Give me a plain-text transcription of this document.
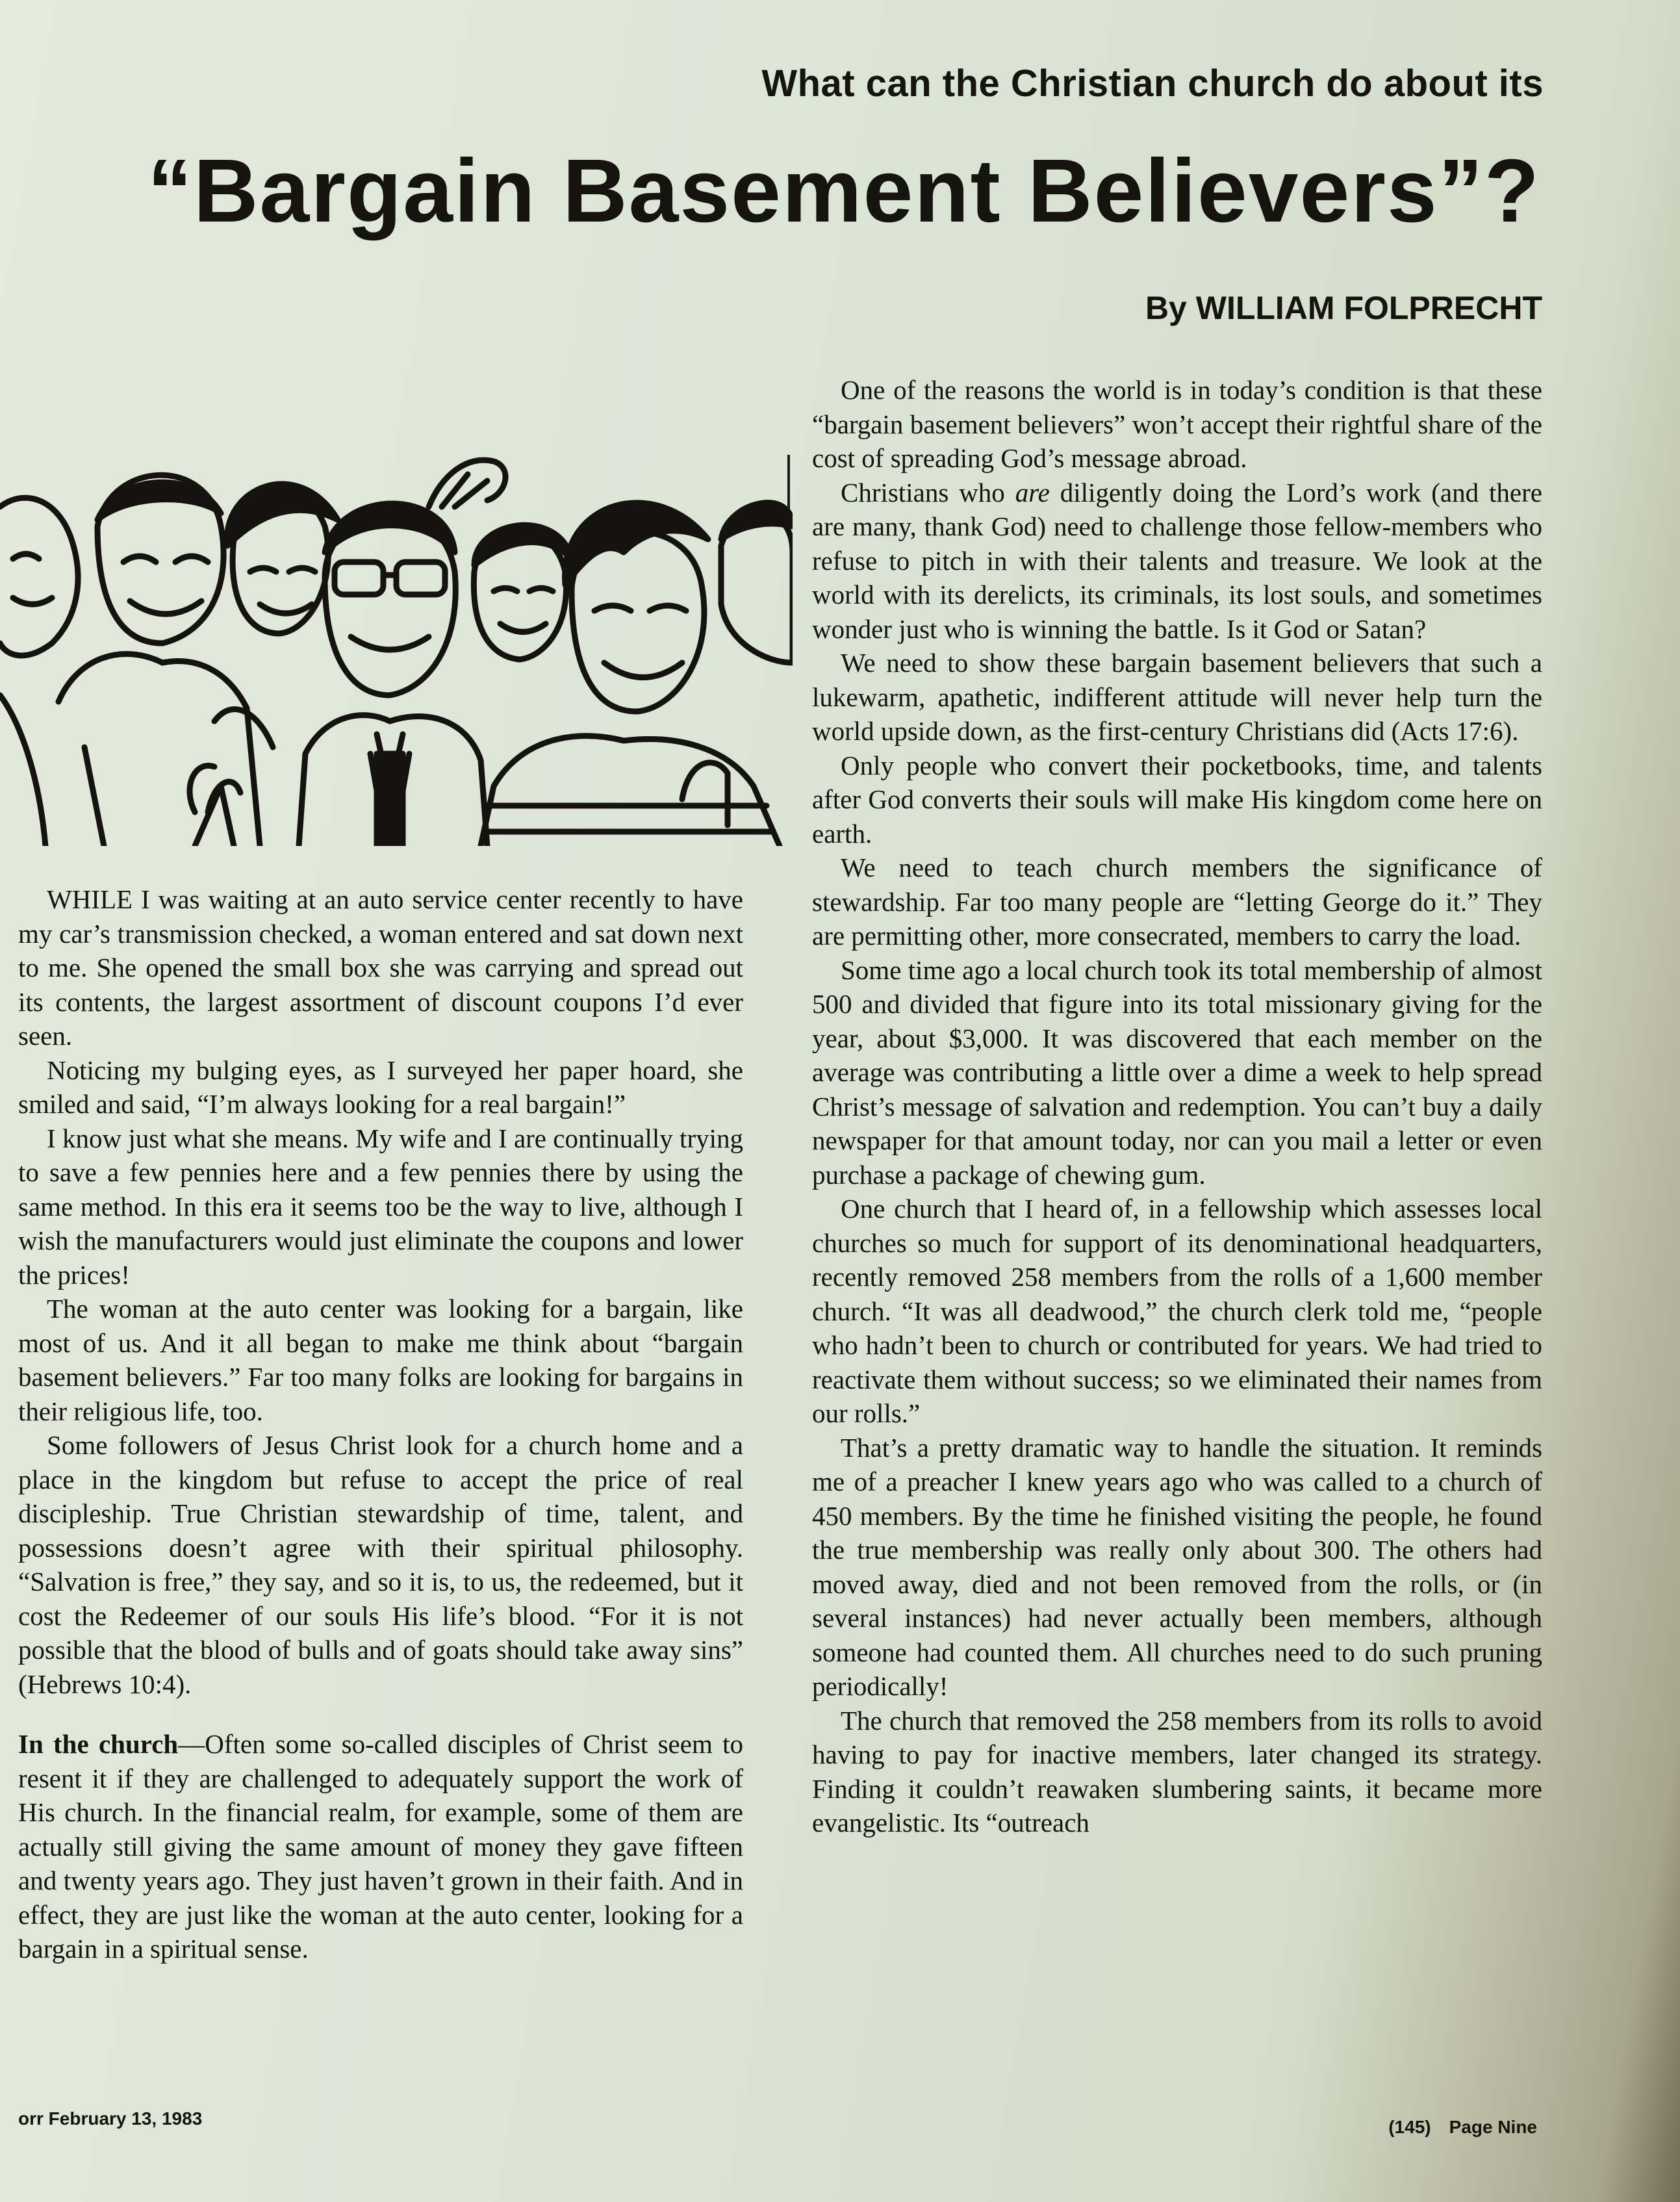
What can the Christian church do about its
“Bargain Basement Believers”?
By WILLIAM FOLPRECHT

WHILE I was waiting at an auto service center recently to have my car’s transmission checked, a woman entered and sat down next to me. She opened the small box she was carrying and spread out its contents, the largest assortment of discount coupons I’d ever seen.

Noticing my bulging eyes, as I surveyed her paper hoard, she smiled and said, “I’m always looking for a real bargain!”

I know just what she means. My wife and I are continually trying to save a few pennies here and a few pennies there by using the same method. In this era it seems too be the way to live, although I wish the manufacturers would just eliminate the coupons and lower the prices!

The woman at the auto center was looking for a bargain, like most of us. And it all began to make me think about “bargain basement believers.” Far too many folks are looking for bargains in their religious life, too.

Some followers of Jesus Christ look for a church home and a place in the kingdom but refuse to accept the price of real discipleship. True Christian stewardship of time, talent, and possessions doesn’t agree with their spiritual philosophy. “Salvation is free,” they say, and so it is, to us, the redeemed, but it cost the Redeemer of our souls His life’s blood. “For it is not possible that the blood of bulls and of goats should take away sins” (Hebrews 10:4).

In the church—Often some so-called disciples of Christ seem to resent it if they are challenged to adequately support the work of His church. In the financial realm, for example, some of them are actually still giving the same amount of money they gave fifteen and twenty years ago. They just haven’t grown in their faith. And in effect, they are just like the woman at the auto center, looking for a bargain in a spiritual sense.

One of the reasons the world is in today’s condition is that these “bargain basement believers” won’t accept their rightful share of the cost of spreading God’s message abroad.

Christians who are diligently doing the Lord’s work (and there are many, thank God) need to challenge those fellow-members who refuse to pitch in with their talents and treasure. We look at the world with its derelicts, its criminals, its lost souls, and sometimes wonder just who is winning the battle. Is it God or Satan?

We need to show these bargain basement believers that such a lukewarm, apathetic, indifferent attitude will never help turn the world upside down, as the first-century Christians did (Acts 17:6).

Only people who convert their pocketbooks, time, and talents after God converts their souls will make His kingdom come here on earth.

We need to teach church members the significance of stewardship. Far too many people are “letting George do it.” They are permitting other, more consecrated, members to carry the load.

Some time ago a local church took its total membership of almost 500 and divided that figure into its total missionary giving for the year, about $3,000. It was discovered that each member on the average was contributing a little over a dime a week to help spread Christ’s message of salvation and redemption. You can’t buy a daily newspaper for that amount today, nor can you mail a letter or even purchase a package of chewing gum.

One church that I heard of, in a fellowship which assesses local churches so much for support of its denominational headquarters, recently removed 258 members from the rolls of a 1,600 member church. “It was all deadwood,” the church clerk told me, “people who hadn’t been to church or contributed for years. We had tried to reactivate them without success; so we eliminated their names from our rolls.”

That’s a pretty dramatic way to handle the situation. It reminds me of a preacher I knew years ago who was called to a church of 450 members. By the time he finished visiting the people, he found the true membership was really only about 300. The others had moved away, died and not been removed from the rolls, or (in several instances) had never actually been members, although someone had counted them. All churches need to do such pruning periodically!

The church that removed the 258 members from its rolls to avoid having to pay for inactive members, later changed its strategy. Finding it couldn’t reawaken slumbering saints, it became more evangelistic. Its “outreach

orr February 13, 1983	(145) Page Nine
